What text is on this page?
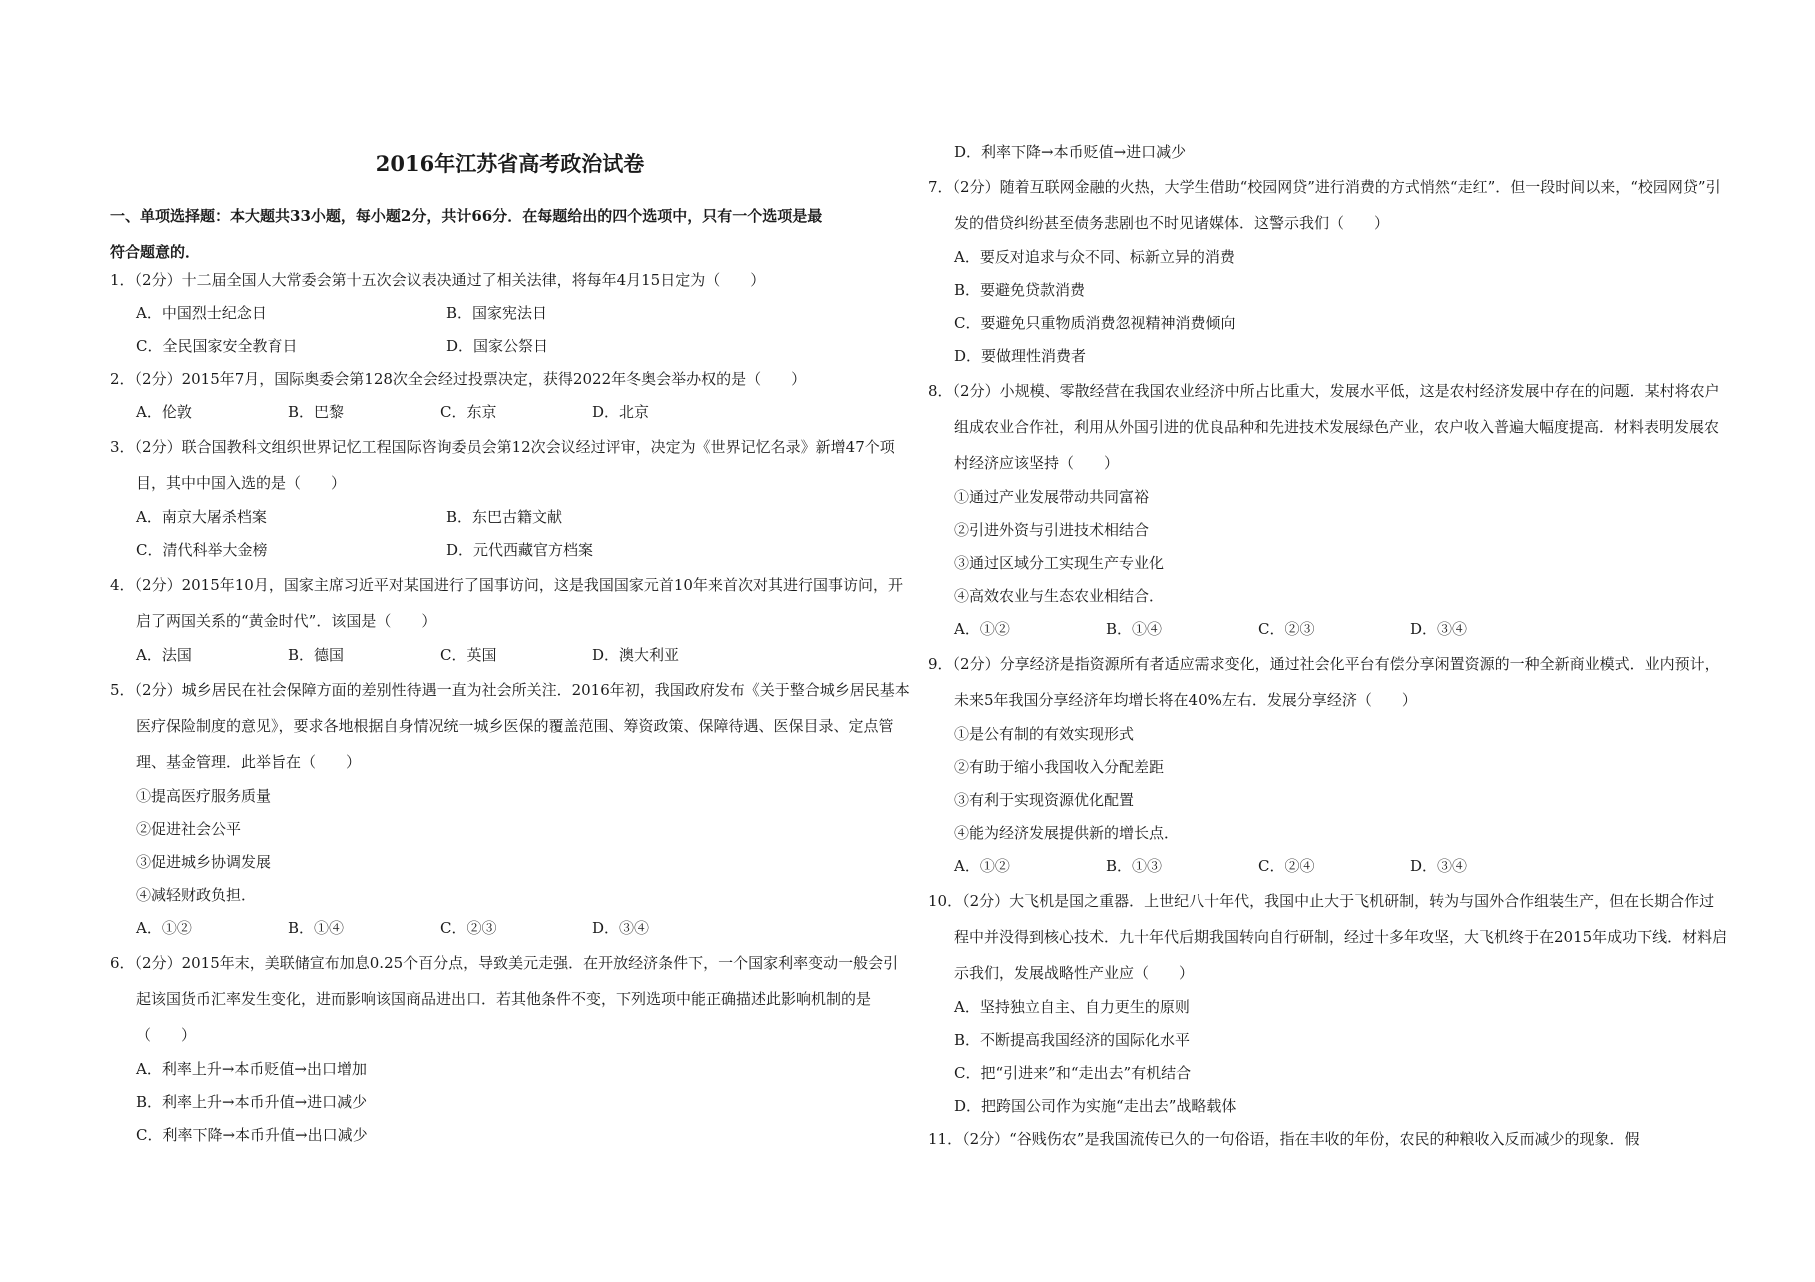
2016年江苏省高考政治试卷
一、单项选择题：本大题共33小题，每小题2分，共计66分．在每题给出的四个选项中，只有一个选项是最
符合题意的．
1．（2分）十二届全国人大常委会第十五次会议表决通过了相关法律，将每年4月15日定为（　　）
A．中国烈士纪念日	B．国家宪法日
C．全民国家安全教育日	D．国家公祭日
2．（2分）2015年7月，国际奥委会第128次全会经过投票决定，获得2022年冬奥会举办权的是（　　）
A．伦敦	B．巴黎	C．东京	D．北京
3．（2分）联合国教科文组织世界记忆工程国际咨询委员会第12次会议经过评审，决定为《世界记忆名录》新增47个项目，其中中国入选的是（　　）
A．南京大屠杀档案	B．东巴古籍文献
C．清代科举大金榜	D．元代西藏官方档案
4．（2分）2015年10月，国家主席习近平对某国进行了国事访问，这是我国国家元首10年来首次对其进行国事访问，开启了两国关系的“黄金时代”．该国是（　　）
A．法国	B．德国	C．英国	D．澳大利亚
5．（2分）城乡居民在社会保障方面的差别性待遇一直为社会所关注．2016年初，我国政府发布《关于整合城乡居民基本医疗保险制度的意见》，要求各地根据自身情况统一城乡医保的覆盖范围、筹资政策、保障待遇、医保目录、定点管理、基金管理．此举旨在（　　）
①提高医疗服务质量
②促进社会公平
③促进城乡协调发展
④减轻财政负担．
A．①②	B．①④	C．②③	D．③④
6．（2分）2015年末，美联储宣布加息0.25个百分点，导致美元走强．在开放经济条件下，一个国家利率变动一般会引起该国货币汇率发生变化，进而影响该国商品进出口．若其他条件不变，下列选项中能正确描述此影响机制的是（　　）
A．利率上升→本币贬值→出口增加
B．利率上升→本币升值→进口减少
C．利率下降→本币升值→出口减少
D．利率下降→本币贬值→进口减少
7．（2分）随着互联网金融的火热，大学生借助“校园网贷”进行消费的方式悄然“走红”．但一段时间以来，“校园网贷”引发的借贷纠纷甚至债务悲剧也不时见诸媒体．这警示我们（　　）
A．要反对追求与众不同、标新立异的消费
B．要避免贷款消费
C．要避免只重物质消费忽视精神消费倾向
D．要做理性消费者
8．（2分）小规模、零散经营在我国农业经济中所占比重大，发展水平低，这是农村经济发展中存在的问题．某村将农户组成农业合作社，利用从外国引进的优良品种和先进技术发展绿色产业，农户收入普遍大幅度提高．材料表明发展农村经济应该坚持（　　）
①通过产业发展带动共同富裕
②引进外资与引进技术相结合
③通过区域分工实现生产专业化
④高效农业与生态农业相结合．
A．①②	B．①④	C．②③	D．③④
9．（2分）分享经济是指资源所有者适应需求变化，通过社会化平台有偿分享闲置资源的一种全新商业模式．业内预计，未来5年我国分享经济年均增长将在40%左右．发展分享经济（　　）
①是公有制的有效实现形式
②有助于缩小我国收入分配差距
③有利于实现资源优化配置
④能为经济发展提供新的增长点．
A．①②	B．①③	C．②④	D．③④
10．（2分）大飞机是国之重器．上世纪八十年代，我国中止大于飞机研制，转为与国外合作组装生产，但在长期合作过程中并没得到核心技术．九十年代后期我国转向自行研制，经过十多年攻坚，大飞机终于在2015年成功下线．材料启示我们，发展战略性产业应（　　）
A．坚持独立自主、自力更生的原则
B．不断提高我国经济的国际化水平
C．把“引进来”和“走出去”有机结合
D．把跨国公司作为实施“走出去”战略载体
11．（2分）“谷贱伤农”是我国流传已久的一句俗语，指在丰收的年份，农民的种粮收入反而减少的现象．假
